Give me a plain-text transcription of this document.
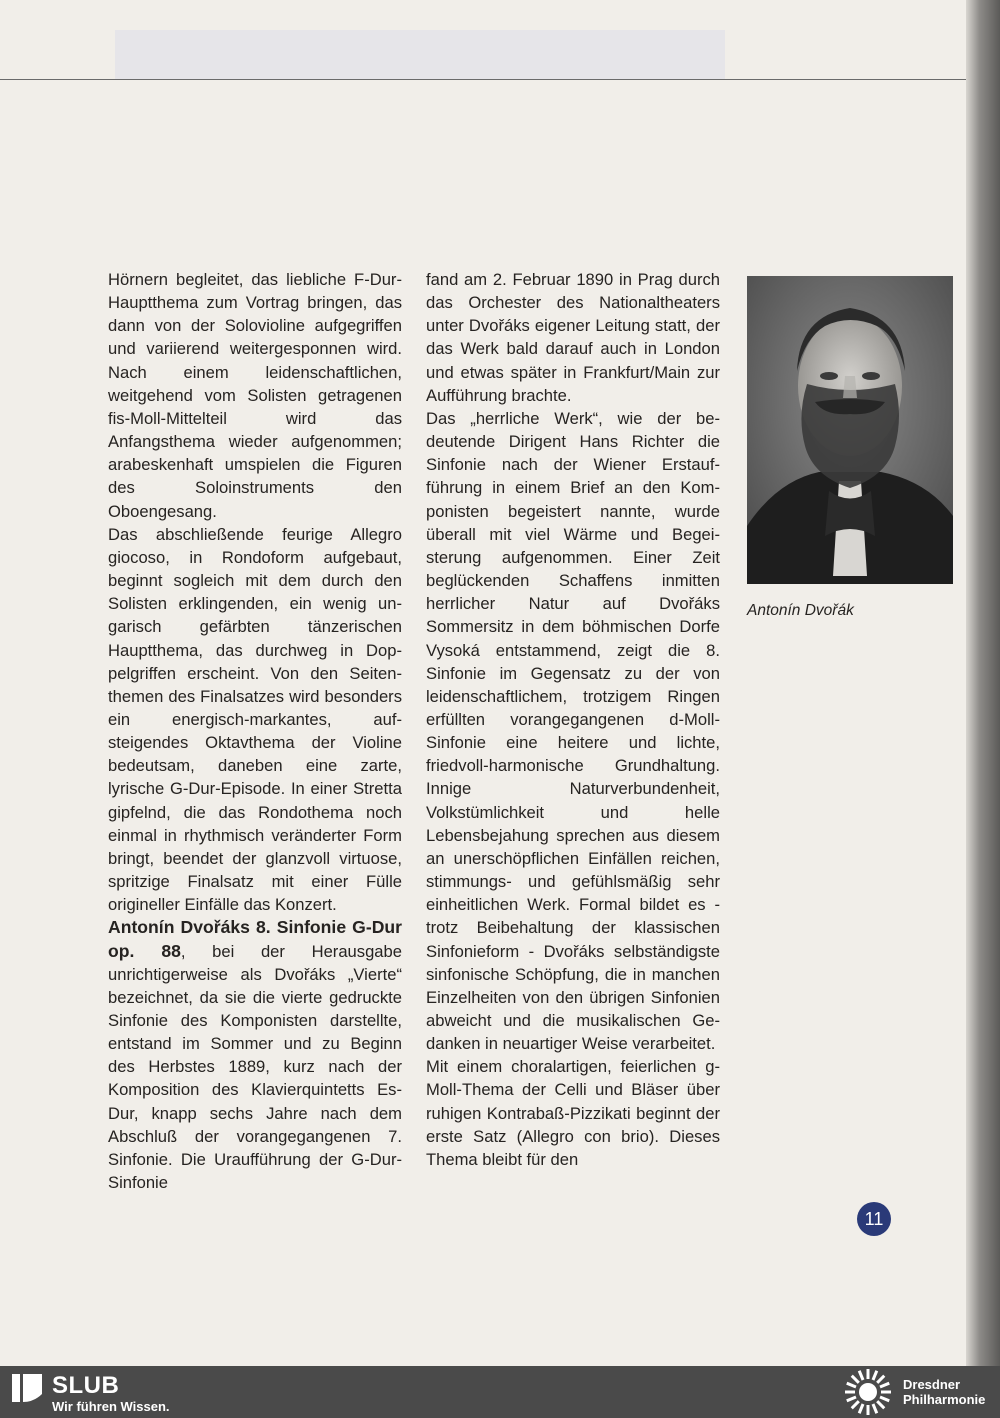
Hörnern begleitet, das liebliche F-Dur-Hauptthema zum Vortrag bringen, das dann von der Solovioline aufgegriffen und variierend weitergesponnen wird. Nach einem leidenschaftlichen, weitgehend vom Solisten getragenen fis-Moll-Mittelteil wird das Anfangsthema wieder aufgenommen; arabeskenhaft umspielen die Figuren des Soloinstruments den Oboengesang.

Das abschließende feurige Allegro giocoso, in Rondoform aufgebaut, beginnt sogleich mit dem durch den Solisten erklingenden, ein wenig ungarisch gefärbten tänzerischen Hauptthema, das durchweg in Doppelgriffen erscheint. Von den Seitenthemen des Finalsatzes wird besonders ein energisch-markantes, aufsteigendes Oktavthema der Violine bedeutsam, daneben eine zarte, lyrische G-Dur-Episode. In einer Stretta gipfelnd, die das Rondothema noch einmal in rhythmisch veränderter Form bringt, beendet der glanzvoll virtuose, spritzige Finalsatz mit einer Fülle origineller Einfälle das Konzert.

Antonín Dvořáks 8. Sinfonie G-Dur op. 88, bei der Herausgabe unrichtigerweise als Dvořáks „Vierte“ bezeichnet, da sie die vierte gedruckte Sinfonie des Komponisten darstellte, entstand im Sommer und zu Beginn des Herbstes 1889, kurz nach der Komposition des Klavierquintetts Es-Dur, knapp sechs Jahre nach dem Abschluß der vorangegangenen 7. Sinfonie. Die Uraufführung der G-Dur-Sinfonie

fand am 2. Februar 1890 in Prag durch das Orchester des Nationaltheaters unter Dvořáks eigener Leitung statt, der das Werk bald darauf auch in London und etwas später in Frankfurt/Main zur Aufführung brachte.

Das „herrliche Werk“, wie der bedeutende Dirigent Hans Richter die Sinfonie nach der Wiener Erstaufführung in einem Brief an den Komponisten begeistert nannte, wurde überall mit viel Wärme und Begeisterung aufgenommen. Einer Zeit beglückenden Schaffens inmitten herrlicher Natur auf Dvořáks Sommersitz in dem böhmischen Dorfe Vysoká entstammend, zeigt die 8. Sinfonie im Gegensatz zu der von leidenschaftlichem, trotzigem Ringen erfüllten vorangegangenen d-Moll-Sinfonie eine heitere und lichte, friedvoll-harmonische Grundhaltung. Innige Naturverbundenheit, Volkstümlichkeit und helle Lebensbejahung sprechen aus diesem an unerschöpflichen Einfällen reichen, stimmungs- und gefühlsmäßig sehr einheitlichen Werk. Formal bildet es - trotz Beibehaltung der klassischen Sinfonieform - Dvořáks selbständigste sinfonische Schöpfung, die in manchen Einzelheiten von den übrigen Sinfonien abweicht und die musikalischen Gedanken in neuartiger Weise verarbeitet.

Mit einem choralartigen, feierlichen g-Moll-Thema der Celli und Bläser über ruhigen Kontrabaß-Pizzikati beginnt der erste Satz (Allegro con brio). Dieses Thema bleibt für den

Antonín Dvořák
11
SLUB
Wir führen Wissen.
Dresdner
Philharmonie
